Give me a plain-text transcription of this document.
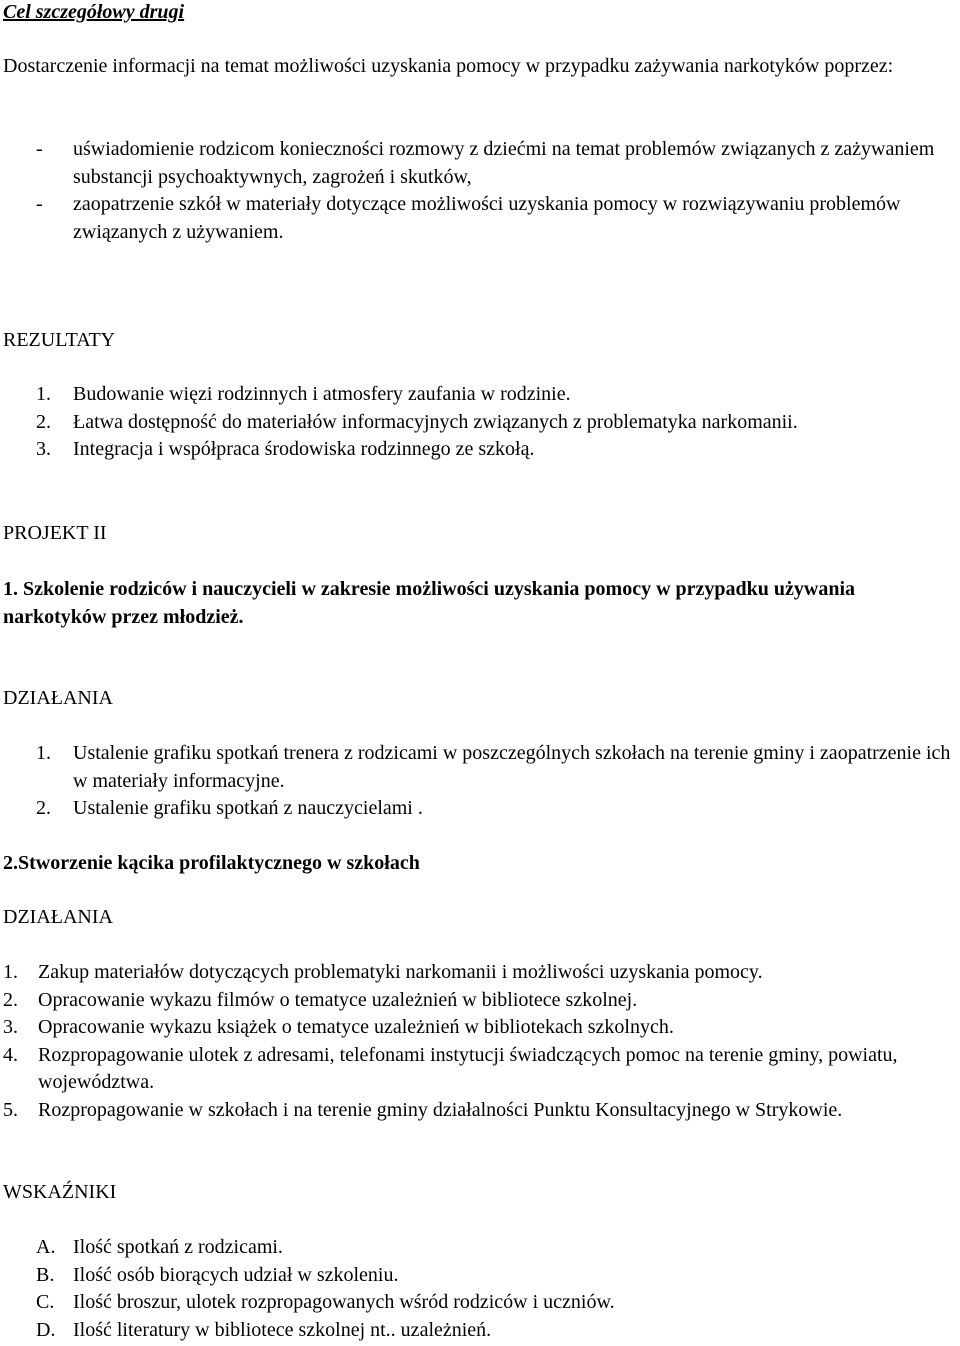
Cel szczegółowy drugi
Dostarczenie informacji na temat możliwości uzyskania pomocy w przypadku zażywania narkotyków poprzez:
- uświadomienie rodzicom konieczności rozmowy z dziećmi na temat problemów związanych z zażywaniem substancji psychoaktywnych, zagrożeń i skutków,
- zaopatrzenie szkół w materiały dotyczące możliwości uzyskania pomocy w rozwiązywaniu problemów związanych z używaniem.
REZULTATY
1. Budowanie więzi rodzinnych i atmosfery zaufania w rodzinie.
2. Łatwa dostępność do materiałów informacyjnych związanych z problematyka narkomanii.
3. Integracja i współpraca środowiska rodzinnego ze szkołą.
PROJEKT II
1. Szkolenie rodziców i nauczycieli w zakresie możliwości uzyskania pomocy w przypadku używania narkotyków przez młodzież.
DZIAŁANIA
1. Ustalenie grafiku spotkań trenera z rodzicami w poszczególnych szkołach na terenie gminy i zaopatrzenie ich w materiały informacyjne.
2. Ustalenie grafiku spotkań z nauczycielami .
2.Stworzenie kącika profilaktycznego w szkołach
DZIAŁANIA
1. Zakup materiałów dotyczących problematyki narkomanii i możliwości uzyskania pomocy.
2. Opracowanie wykazu filmów o tematyce uzależnień w bibliotece szkolnej.
3. Opracowanie wykazu książek o tematyce uzależnień w bibliotekach szkolnych.
4. Rozpropagowanie ulotek z adresami, telefonami instytucji świadczących pomoc na terenie gminy, powiatu, województwa.
5. Rozpropagowanie w szkołach i na terenie gminy działalności Punktu Konsultacyjnego w Strykowie.
WSKAŹNIKI
A. Ilość spotkań z rodzicami.
B. Ilość osób biorących udział w szkoleniu.
C. Ilość broszur, ulotek rozpropagowanych wśród rodziców i uczniów.
D. Ilość literatury w bibliotece szkolnej nt.. uzależnień.
